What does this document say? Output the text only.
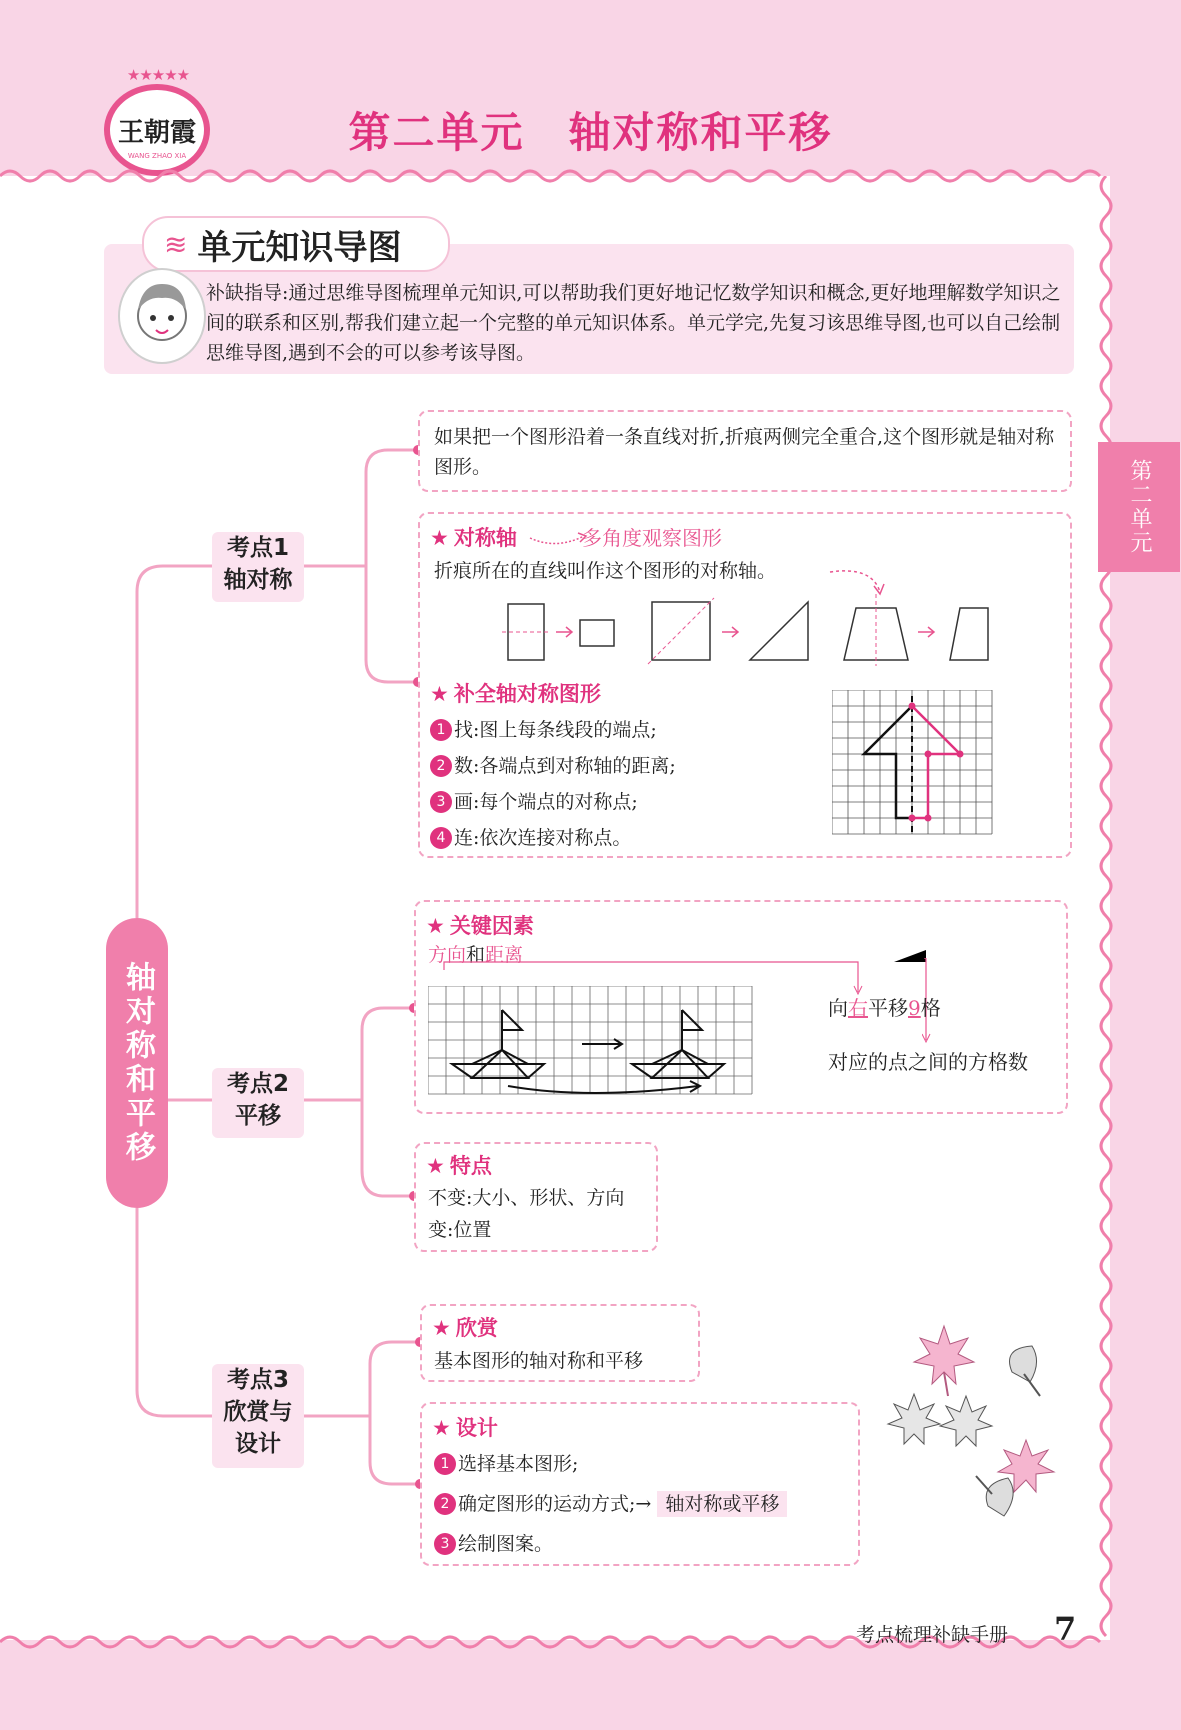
★★★★★
王朝霞
WANG ZHAO XIA	第二单元　轴对称和平移
第二单元
≋ 单元知识导图
补缺指导:通过思维导图梳理单元知识,可以帮助我们更好地记忆数学知识和概念,更好地理解数学知识之间的联系和区别,帮我们建立起一个完整的单元知识体系。单元学完,先复习该思维导图,也可以自己绘制思维导图,遇到不会的可以参考该导图。
轴对称和平移
考点1
轴对称
考点2
平移
考点3
欣赏与
设计
如果把一个图形沿着一条直线对折,折痕两侧完全重合,这个图形就是轴对称图形。
★ 对称轴	多角度观察图形
折痕所在的直线叫作这个图形的对称轴。
★ 补全轴对称图形
1 找:图上每条线段的端点;
2 数:各端点到对称轴的距离;
3 画:每个端点的对称点;
4 连:依次连接对称点。
★ 关键因素
方向和距离
向右平移9格
对应的点之间的方格数
★ 特点
不变:大小、形状、方向
变:位置
★ 欣赏
基本图形的轴对称和平移
★ 设计
1 选择基本图形;
2 确定图形的运动方式;→ 轴对称或平移
3 绘制图案。
考点梳理补缺手册 7
